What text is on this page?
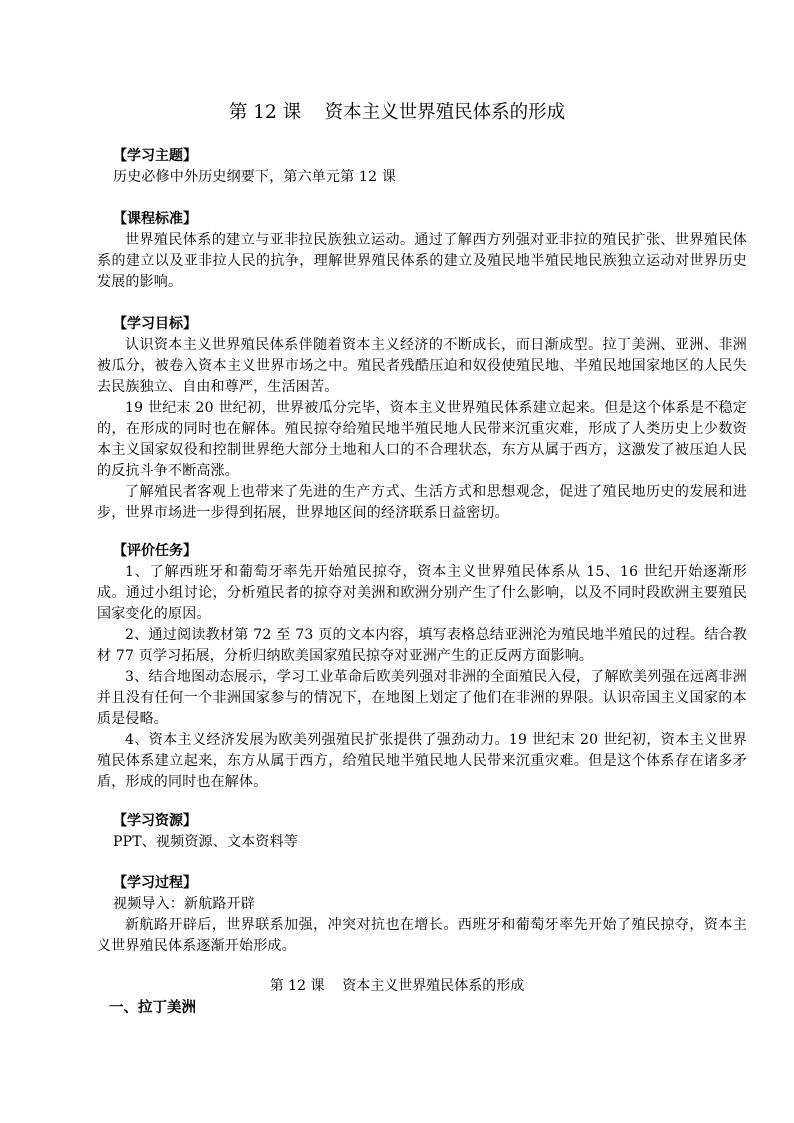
第 12 课    资本主义世界殖民体系的形成
【学习主题】

历史必修中外历史纲要下，第六单元第 12 课

【课程标准】

世界殖民体系的建立与亚非拉民族独立运动。通过了解西方列强对亚非拉的殖民扩张、世界殖民体系的建立以及亚非拉人民的抗争，理解世界殖民体系的建立及殖民地半殖民地民族独立运动对世界历史发展的影响。

【学习目标】

认识资本主义世界殖民体系伴随着资本主义经济的不断成长，而日渐成型。拉丁美洲、亚洲、非洲被瓜分，被卷入资本主义世界市场之中。殖民者残酷压迫和奴役使殖民地、半殖民地国家地区的人民失去民族独立、自由和尊严，生活困苦。

19 世纪末 20 世纪初，世界被瓜分完毕，资本主义世界殖民体系建立起来。但是这个体系是不稳定的，在形成的同时也在解体。殖民掠夺给殖民地半殖民地人民带来沉重灾难，形成了人类历史上少数资本主义国家奴役和控制世界绝大部分土地和人口的不合理状态，东方从属于西方，这激发了被压迫人民的反抗斗争不断高涨。

了解殖民者客观上也带来了先进的生产方式、生活方式和思想观念，促进了殖民地历史的发展和进步，世界市场进一步得到拓展，世界地区间的经济联系日益密切。

【评价任务】

1、了解西班牙和葡萄牙率先开始殖民掠夺，资本主义世界殖民体系从 15、16 世纪开始逐渐形成。通过小组讨论，分析殖民者的掠夺对美洲和欧洲分别产生了什么影响，以及不同时段欧洲主要殖民国家变化的原因。

2、通过阅读教材第 72 至 73 页的文本内容，填写表格总结亚洲沦为殖民地半殖民的过程。结合教材 77 页学习拓展，分析归纳欧美国家殖民掠夺对亚洲产生的正反两方面影响。

3、结合地图动态展示，学习工业革命后欧美列强对非洲的全面殖民入侵，了解欧美列强在远离非洲并且没有任何一个非洲国家参与的情况下，在地图上划定了他们在非洲的界限。认识帝国主义国家的本质是侵略。

4、资本主义经济发展为欧美列强殖民扩张提供了强劲动力。19 世纪末 20 世纪初，资本主义世界殖民体系建立起来，东方从属于西方，给殖民地半殖民地人民带来沉重灾难。但是这个体系存在诸多矛盾，形成的同时也在解体。

【学习资源】

PPT、视频资源、文本资料等

【学习过程】

视频导入：新航路开辟

新航路开辟后，世界联系加强，冲突对抗也在增长。西班牙和葡萄牙率先开始了殖民掠夺，资本主义世界殖民体系逐渐开始形成。

第 12 课    资本主义世界殖民体系的形成
一、拉丁美洲
